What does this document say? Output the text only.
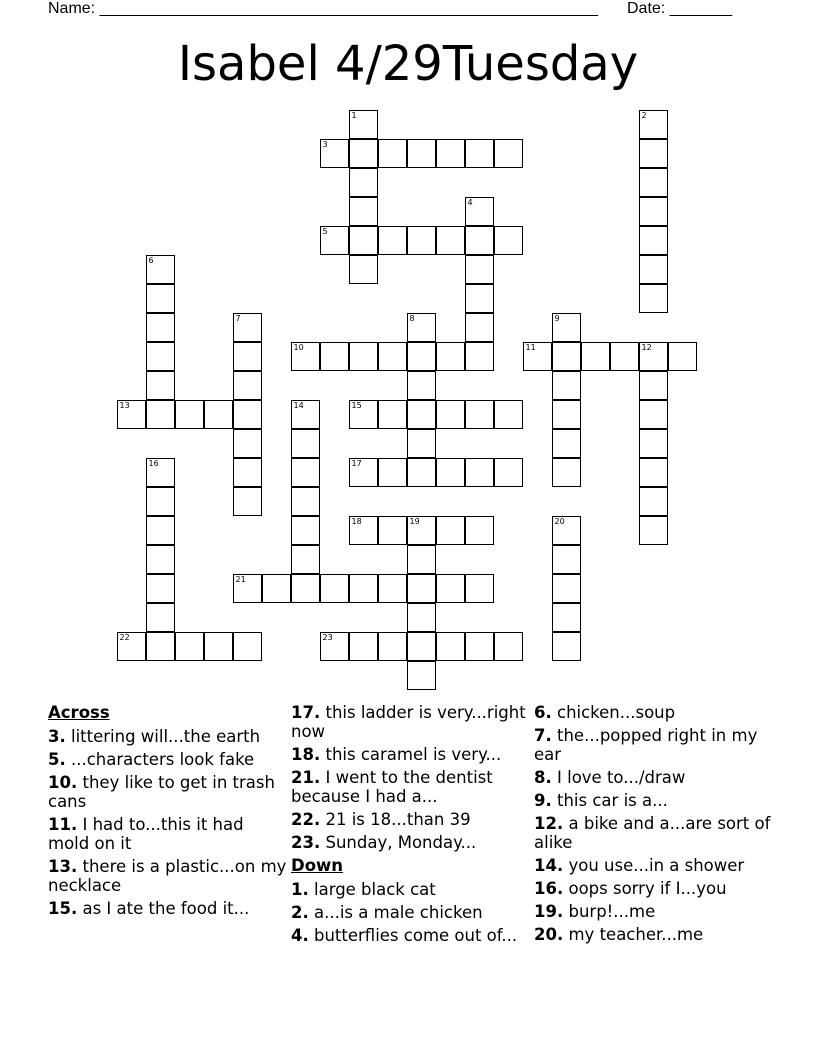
Name: ________________________________________________________	Date: _______
Isabel 4/29Tuesday
1	2
3
4
5
6
7	8	9
10	11	12
13	14	15
16	17
18	19	20
21
22	23
Across
3. littering will...the earth
5. ...characters look fake
10. they like to get in trash cans
11. I had to...this it had mold on it
13. there is a plastic...on my necklace
15. as I ate the food it...
17. this ladder is very...right now
18. this caramel is very...
21. I went to the dentist because I had a...
22. 21 is 18...than 39
23. Sunday, Monday...
Down
1. large black cat
2. a...is a male chicken
4. butterflies come out of...
6. chicken...soup
7. the...popped right in my ear
8. I love to.../draw
9. this car is a...
12. a bike and a...are sort of alike
14. you use...in a shower
16. oops sorry if I...you
19. burp!...me
20. my teacher...me
